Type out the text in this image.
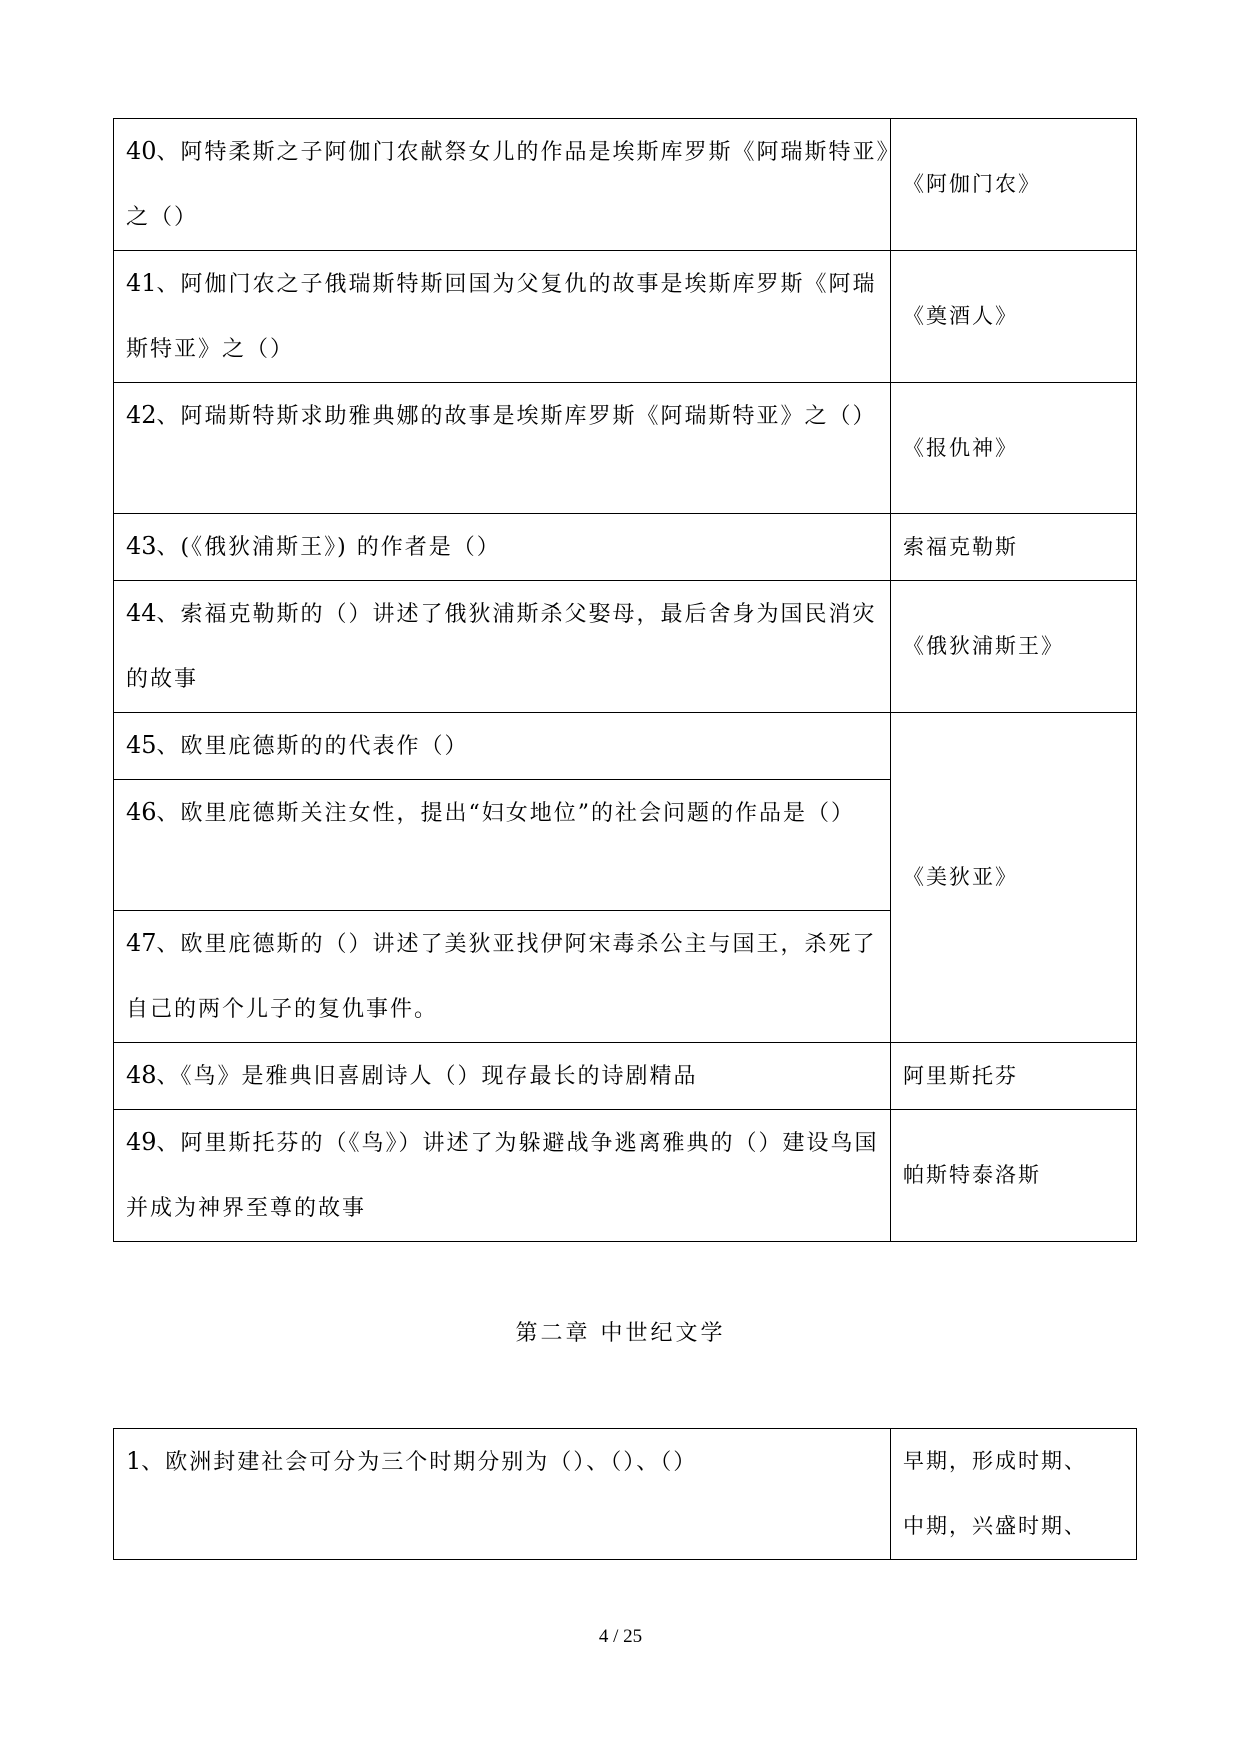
40、阿特柔斯之子阿伽门农献祭女儿的作品是埃斯库罗斯《阿瑞斯特亚》之（）	《阿伽门农》
41、阿伽门农之子俄瑞斯特斯回国为父复仇的故事是埃斯库罗斯《阿瑞斯特亚》之（）	《奠酒人》
42、阿瑞斯特斯求助雅典娜的故事是埃斯库罗斯《阿瑞斯特亚》之（）	《报仇神》
43、(《俄狄浦斯王》) 的作者是（）	索福克勒斯
44、索福克勒斯的（）讲述了俄狄浦斯杀父娶母，最后舍身为国民消灾的故事	《俄狄浦斯王》
45、欧里庇德斯的的代表作（）	《美狄亚》
46、欧里庇德斯关注女性，提出“妇女地位”的社会问题的作品是（）	
47、欧里庇德斯的（）讲述了美狄亚找伊阿宋毒杀公主与国王，杀死了自己的两个儿子的复仇事件。	
48、《鸟》是雅典旧喜剧诗人（）现存最长的诗剧精品	阿里斯托芬
49、阿里斯托芬的（《鸟》）讲述了为躲避战争逃离雅典的（）建设鸟国并成为神界至尊的故事	帕斯特泰洛斯
第二章 中世纪文学
1、欧洲封建社会可分为三个时期分别为（）、（）、（）	早期，形成时期、
中期，兴盛时期、
4 / 25
